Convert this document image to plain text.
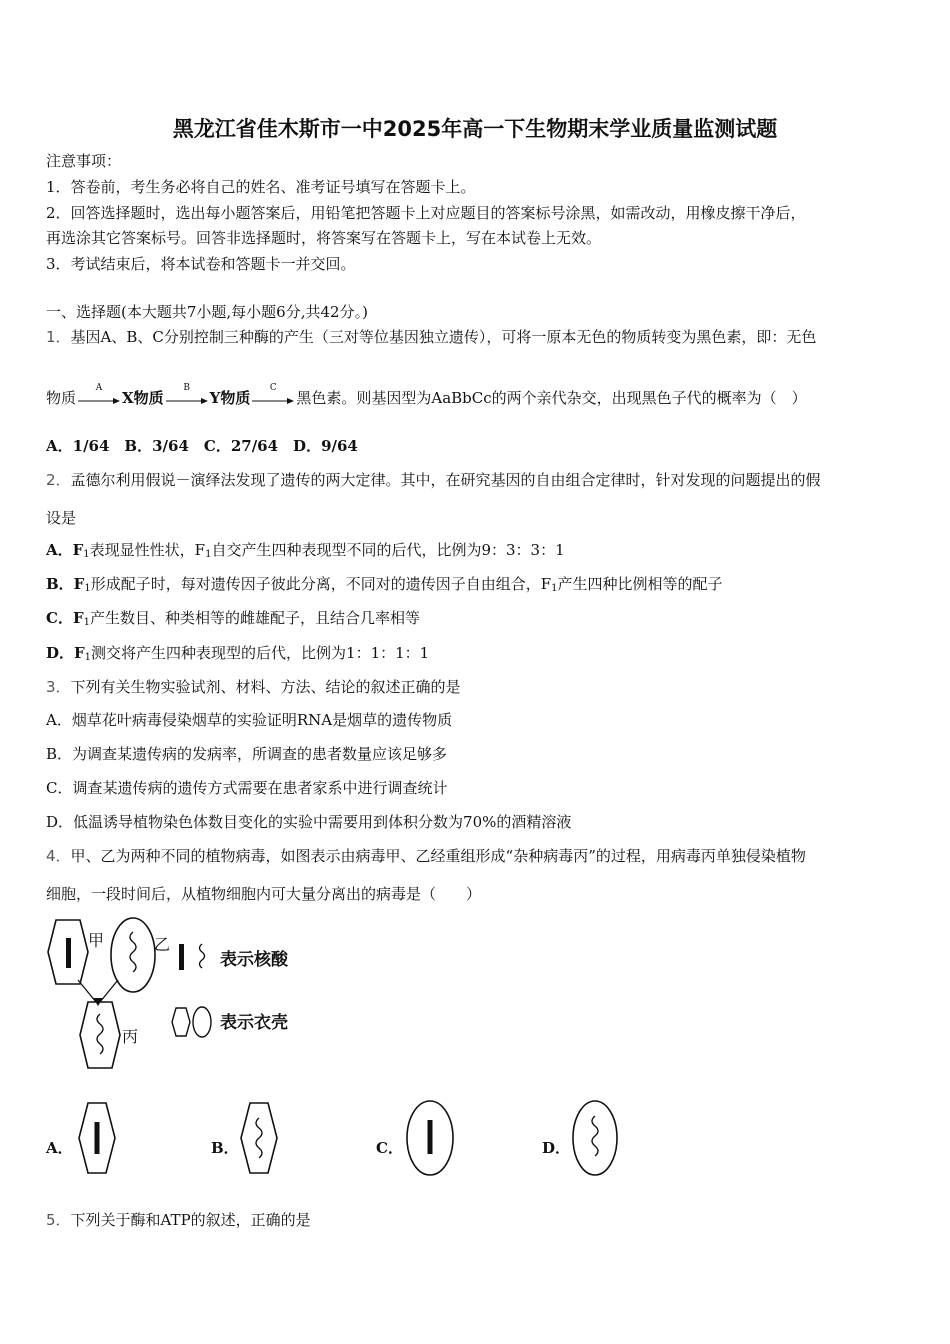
黑龙江省佳木斯市一中2025年高一下生物期末学业质量监测试题
注意事项：
1．答卷前，考生务必将自己的姓名、准考证号填写在答题卡上。
2．回答选择题时，选出每小题答案后，用铅笔把答题卡上对应题目的答案标号涂黑，如需改动，用橡皮擦干净后，
再选涂其它答案标号。回答非选择题时，将答案写在答题卡上，写在本试卷上无效。
3．考试结束后，将本试卷和答题卡一并交回。
一、选择题(本大题共7小题,每小题6分,共42分。)
1．基因A、B、C分别控制三种酶的产生（三对等位基因独立遗传），可将一原本无色的物质转变为黑色素，即：无色
物质
A
X物质
B
Y物质
C
黑色素。则基因型为AaBbCc的两个亲代杂交，出现黑色子代的概率为（　）
A．1/64　B．3/64　C．27/64　D．9/64
2．孟德尔利用假说－演绎法发现了遗传的两大定律。其中，在研究基因的自由组合定律时，针对发现的问题提出的假
设是
A．$F_1$表现显性性状，$F_1$自交产生四种表现型不同的后代，比例为9：3：3：1
B．$F_1$形成配子时，每对遗传因子彼此分离，不同对的遗传因子自由组合，$F_1$产生四种比例相等的配子
C．$F_1$产生数目、种类相等的雌雄配子，且结合几率相等
D．$F_1$测交将产生四种表现型的后代，比例为1：1：1：1
3．下列有关生物实验试剂、材料、方法、结论的叙述正确的是
A．烟草花叶病毒侵染烟草的实验证明RNA是烟草的遗传物质
B．为调查某遗传病的发病率，所调查的患者数量应该足够多
C．调查某遗传病的遗传方式需要在患者家系中进行调查统计
D．低温诱导植物染色体数目变化的实验中需要用到体积分数为70%的酒精溶液
4．甲、乙为两种不同的植物病毒，如图表示由病毒甲、乙经重组形成“杂种病毒丙”的过程，用病毒丙单独侵染植物
细胞，一段时间后，从植物细胞内可大量分离出的病毒是（　　）
甲	乙
丙
表示核酸
表示衣壳
A．	B．	C．	D．
5．下列关于酶和ATP的叙述，正确的是
